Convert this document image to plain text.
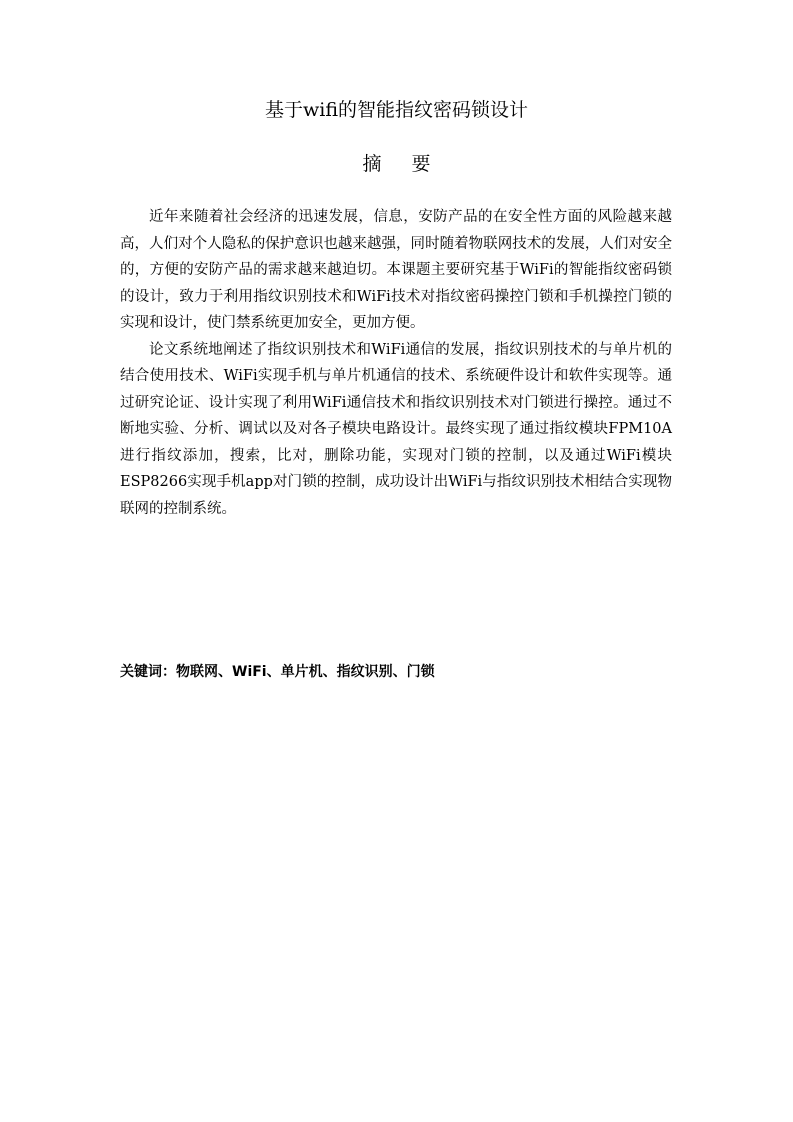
基于wifi的智能指纹密码锁设计
摘要

近年来随着社会经济的迅速发展，信息，安防产品的在安全性方面的风险越来越高，人们对个人隐私的保护意识也越来越强，同时随着物联网技术的发展，人们对安全的，方便的安防产品的需求越来越迫切。本课题主要研究基于WiFi的智能指纹密码锁的设计，致力于利用指纹识别技术和WiFi技术对指纹密码操控门锁和手机操控门锁的实现和设计，使门禁系统更加安全，更加方便。

论文系统地阐述了指纹识别技术和WiFi通信的发展，指纹识别技术的与单片机的结合使用技术、WiFi实现手机与单片机通信的技术、系统硬件设计和软件实现等。通过研究论证、设计实现了利用WiFi通信技术和指纹识别技术对门锁进行操控。通过不断地实验、分析、调试以及对各子模块电路设计。最终实现了通过指纹模块FPM10A进行指纹添加，搜索，比对，删除功能，实现对门锁的控制，以及通过WiFi模块ESP8266实现手机app对门锁的控制，成功设计出WiFi与指纹识别技术相结合实现物联网的控制系统。

关键词：物联网、WiFi、单片机、指纹识别、门锁
